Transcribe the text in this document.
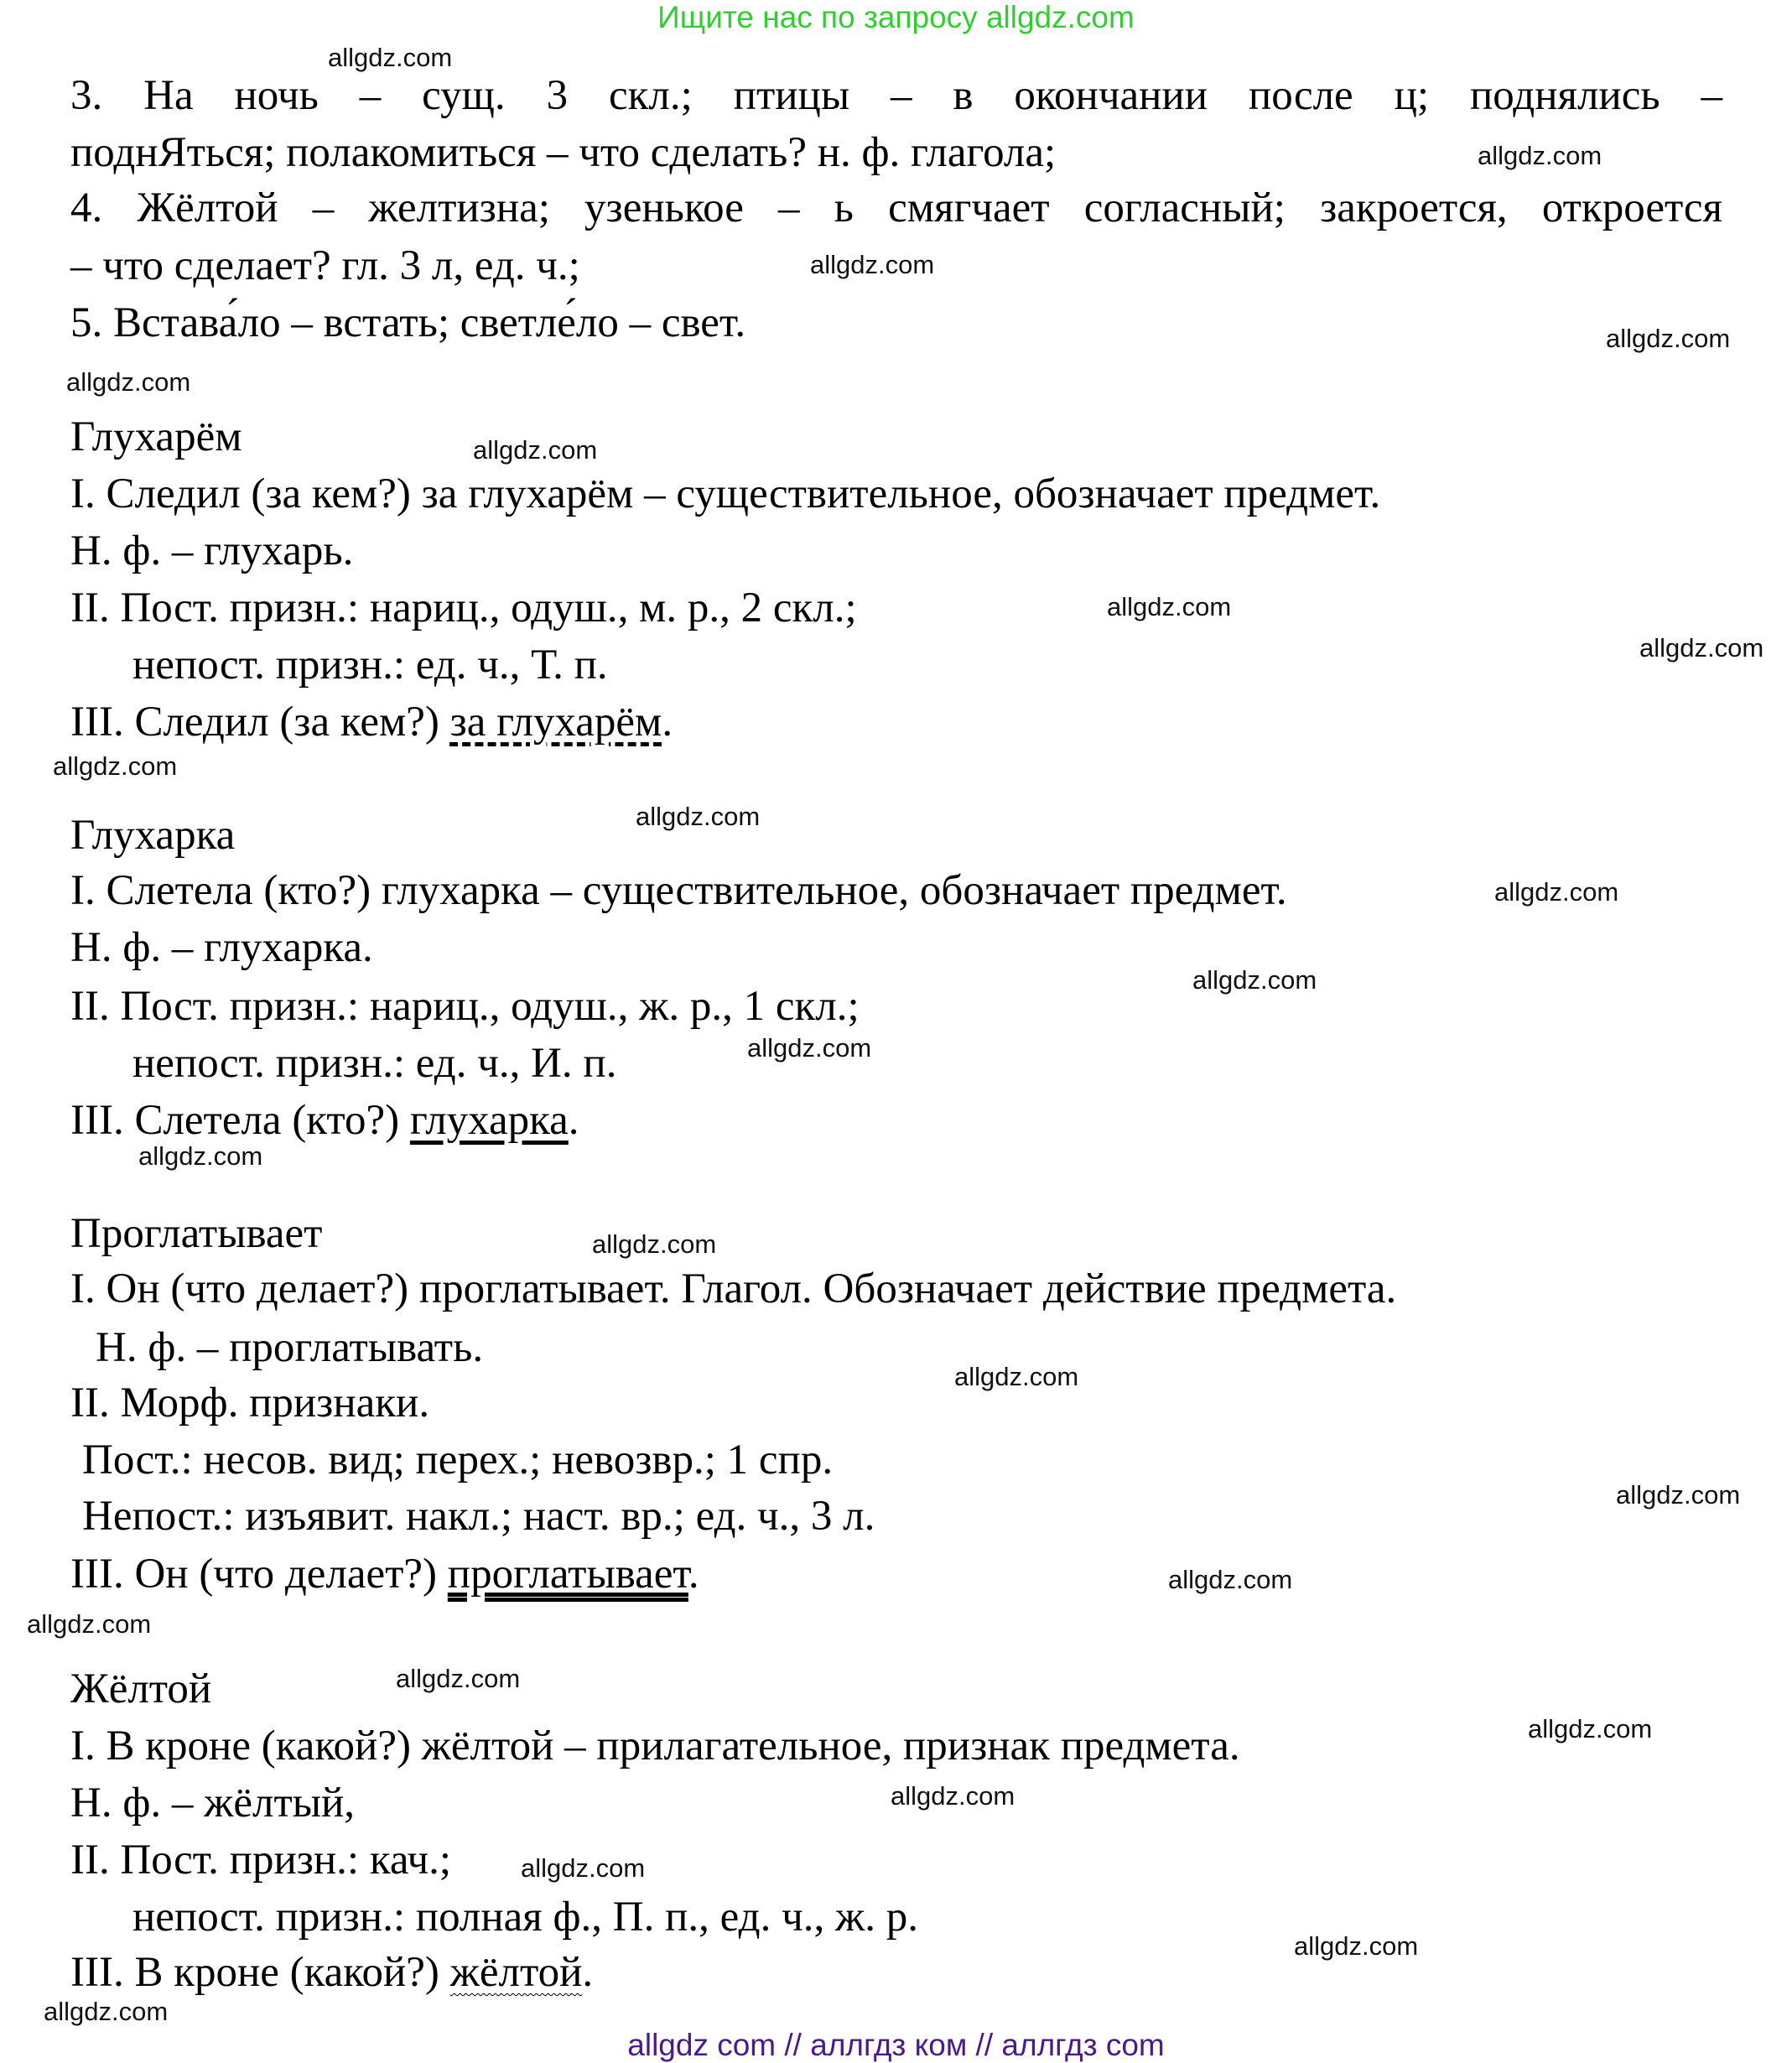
Ищите нас по запросу allgdz.com
3. На ночь – сущ. 3 скл.; птицы – в окончании после ц; поднялись –
поднЯться; полакомиться – что сделать? н. ф. глагола;
4. Жёлтой – желтизна; узенькое – ь смягчает согласный; закроется, откроется
– что сделает? гл. 3 л, ед. ч.;
5. Встава́ло – встать; светле́ло – свет.
Глухарём
I. Следил (за кем?) за глухарём – существительное, обозначает предмет.
Н. ф. – глухарь.
II. Пост. призн.: нариц., одуш., м. р., 2 скл.;
непост. призн.: ед. ч., Т. п.
III. Следил (за кем?) за глухарём.
Глухарка
I. Слетела (кто?) глухарка – существительное, обозначает предмет.
Н. ф. – глухарка.
II. Пост. призн.: нариц., одуш., ж. р., 1 скл.;
непост. призн.: ед. ч., И. п.
III. Слетела (кто?) глухарка.
Проглатывает
I. Он (что делает?) проглатывает. Глагол. Обозначает действие предмета.
Н. ф. – проглатывать.
II. Морф. признаки.
Пост.: несов. вид; перех.; невозвр.; 1 спр.
Непост.: изъявит. накл.; наст. вр.; ед. ч., 3 л.
III. Он (что делает?) проглатывает.
Жёлтой
I. В кроне (какой?) жёлтой – прилагательное, признак предмета.
Н. ф. – жёлтый,
II. Пост. призн.: кач.;
непост. призн.: полная ф., П. п., ед. ч., ж. р.
III. В кроне (какой?) жёлтой.
allgdz.com
allgdz.com
allgdz.com
allgdz.com
allgdz.com
allgdz.com
allgdz.com
allgdz.com
allgdz.com
allgdz.com
allgdz.com
allgdz.com
allgdz.com
allgdz.com
allgdz.com
allgdz.com
allgdz.com
allgdz.com
allgdz.com
allgdz.com
allgdz.com
allgdz.com
allgdz.com
allgdz.com
allgdz.com
allgdz com // аллгдз ком // аллгдз com
